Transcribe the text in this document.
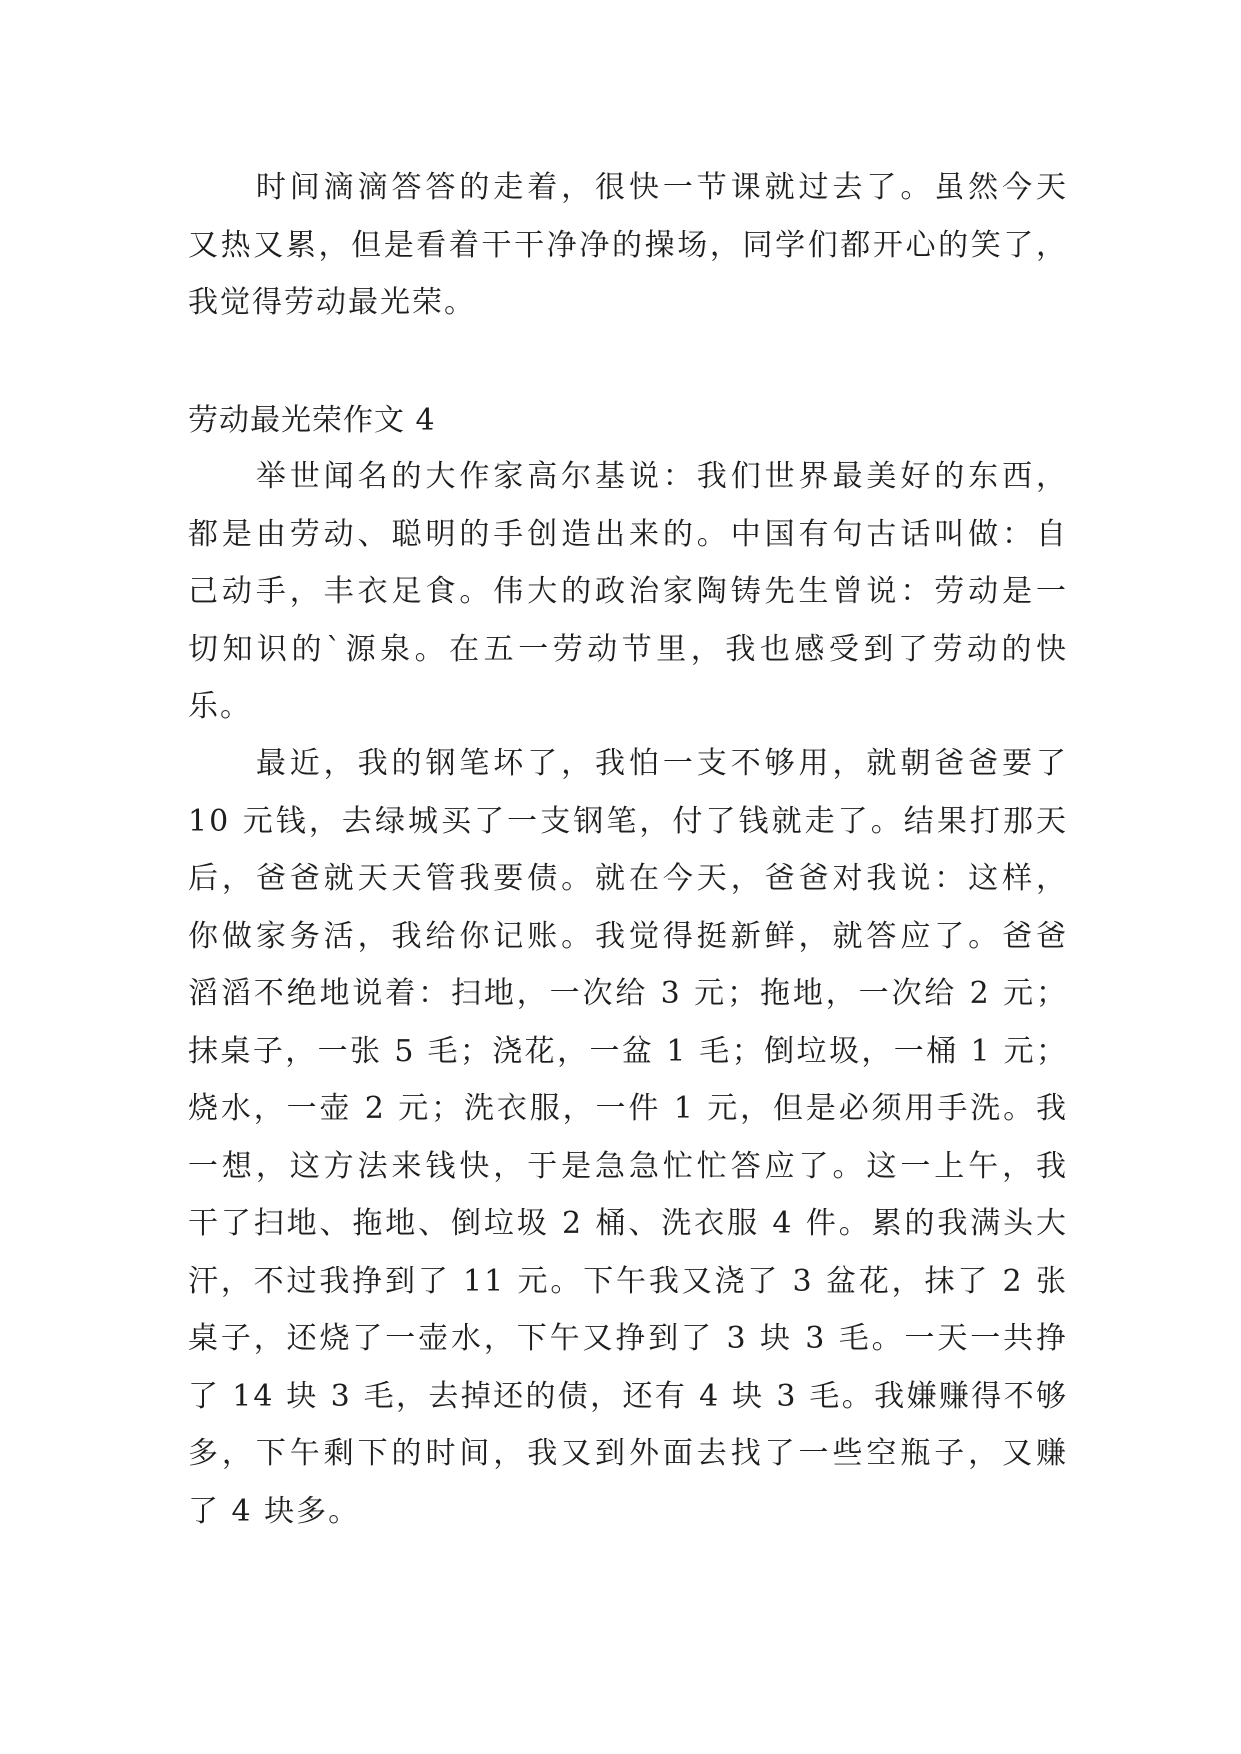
　　时间滴滴答答的走着，很快一节课就过去了。虽然今天
又热又累，但是看着干干净净的操场，同学们都开心的笑了，
我觉得劳动最光荣。
劳动最光荣作文 4
　　举世闻名的大作家高尔基说：我们世界最美好的东西，
都是由劳动、聪明的手创造出来的。中国有句古话叫做：自
己动手，丰衣足食。伟大的政治家陶铸先生曾说：劳动是一
切知识的`源泉。在五一劳动节里，我也感受到了劳动的快
乐。
　　最近，我的钢笔坏了，我怕一支不够用，就朝爸爸要了
10 元钱，去绿城买了一支钢笔，付了钱就走了。结果打那天
后，爸爸就天天管我要债。就在今天，爸爸对我说：这样，
你做家务活，我给你记账。我觉得挺新鲜，就答应了。爸爸
滔滔不绝地说着：扫地，一次给 3 元；拖地，一次给 2 元；
抹桌子，一张 5 毛；浇花，一盆 1 毛；倒垃圾，一桶 1 元；
烧水，一壶 2 元；洗衣服，一件 1 元，但是必须用手洗。我
一想，这方法来钱快，于是急急忙忙答应了。这一上午，我
干了扫地、拖地、倒垃圾 2 桶、洗衣服 4 件。累的我满头大
汗，不过我挣到了 11 元。下午我又浇了 3 盆花，抹了 2 张
桌子，还烧了一壶水，下午又挣到了 3 块 3 毛。一天一共挣
了 14 块 3 毛，去掉还的债，还有 4 块 3 毛。我嫌赚得不够
多，下午剩下的时间，我又到外面去找了一些空瓶子，又赚
了 4 块多。
